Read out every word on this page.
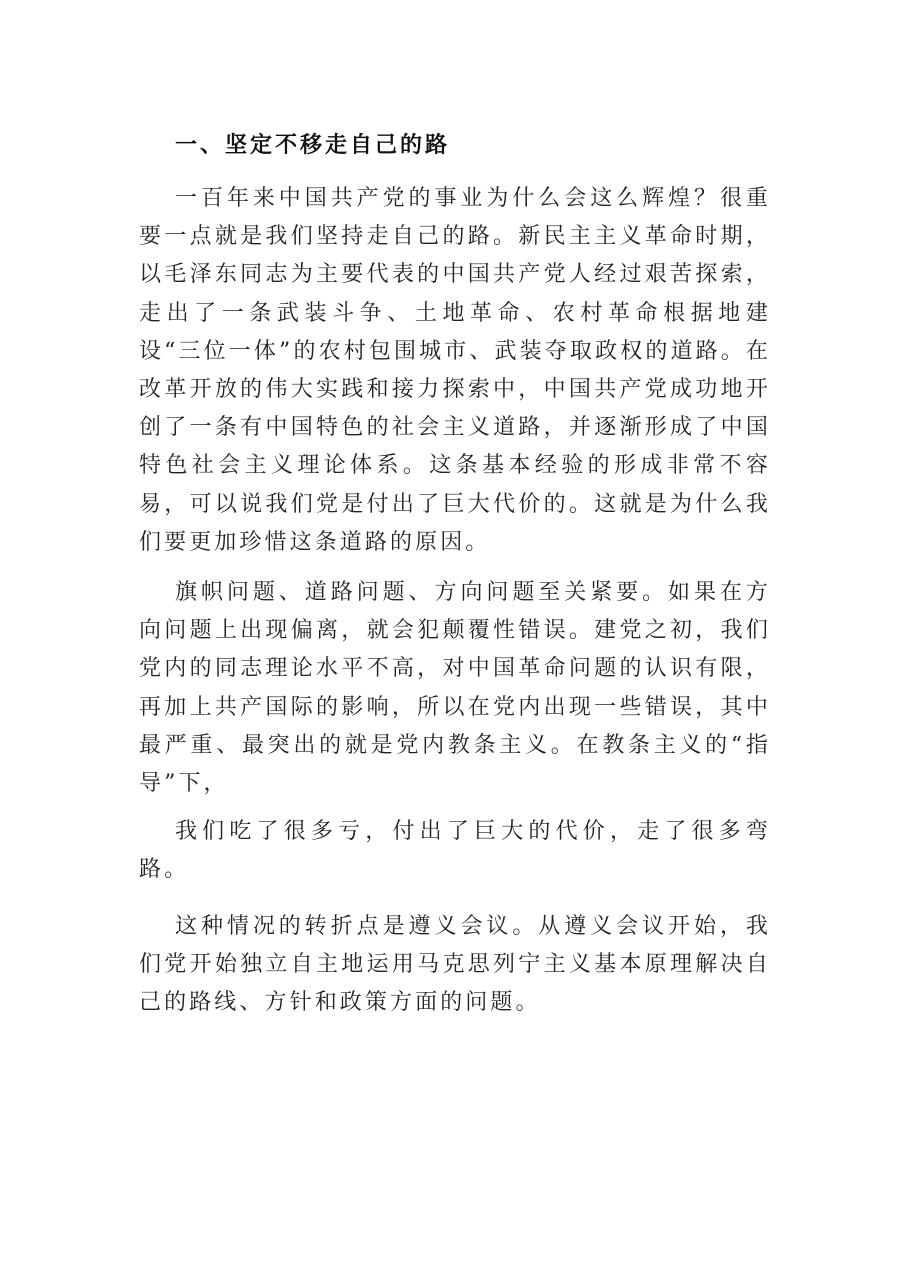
一、坚定不移走自己的路

一百年来中国共产党的事业为什么会这么辉煌？很重要一点就是我们坚持走自己的路。新民主主义革命时期，以毛泽东同志为主要代表的中国共产党人经过艰苦探索，走出了一条武装斗争、土地革命、农村革命根据地建设“三位一体”的农村包围城市、武装夺取政权的道路。在改革开放的伟大实践和接力探索中，中国共产党成功地开创了一条有中国特色的社会主义道路，并逐渐形成了中国特色社会主义理论体系。这条基本经验的形成非常不容易，可以说我们党是付出了巨大代价的。这就是为什么我们要更加珍惜这条道路的原因。

旗帜问题、道路问题、方向问题至关紧要。如果在方向问题上出现偏离，就会犯颠覆性错误。建党之初，我们党内的同志理论水平不高，对中国革命问题的认识有限，再加上共产国际的影响，所以在党内出现一些错误，其中最严重、最突出的就是党内教条主义。在教条主义的“指导”下，

我们吃了很多亏，付出了巨大的代价，走了很多弯路。

这种情况的转折点是遵义会议。从遵义会议开始，我们党开始独立自主地运用马克思列宁主义基本原理解决自己的路线、方针和政策方面的问题。
